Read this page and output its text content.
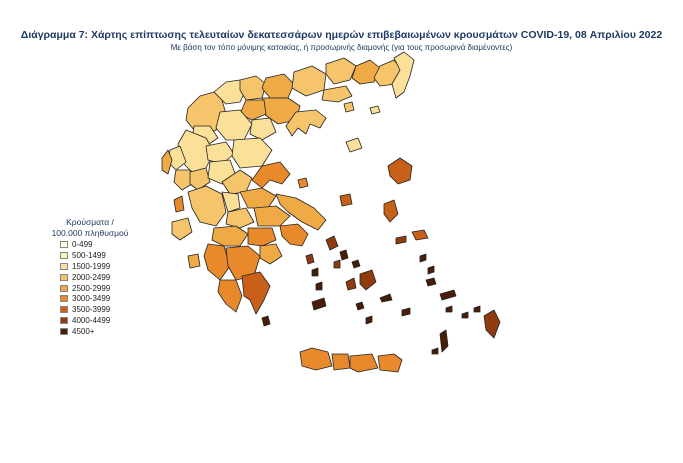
Διάγραμμα 7: Χάρτης επίπτωσης τελευταίων δεκατεσσάρων ημερών επιβεβαιωμένων κρουσμάτων COVID-19, 08 Απριλίου 2022
Με βάση τον τόπο μόνιμης κατοικίας, ή προσωρινής διαμονής (για τους προσωρινά διαμένοντες)
Κρούσματα /
100.000 πληθυσμού
0-499
500-1499
1500-1999
2000-2499
2500-2999
3000-3499
3500-3999
4000-4499
4500+
